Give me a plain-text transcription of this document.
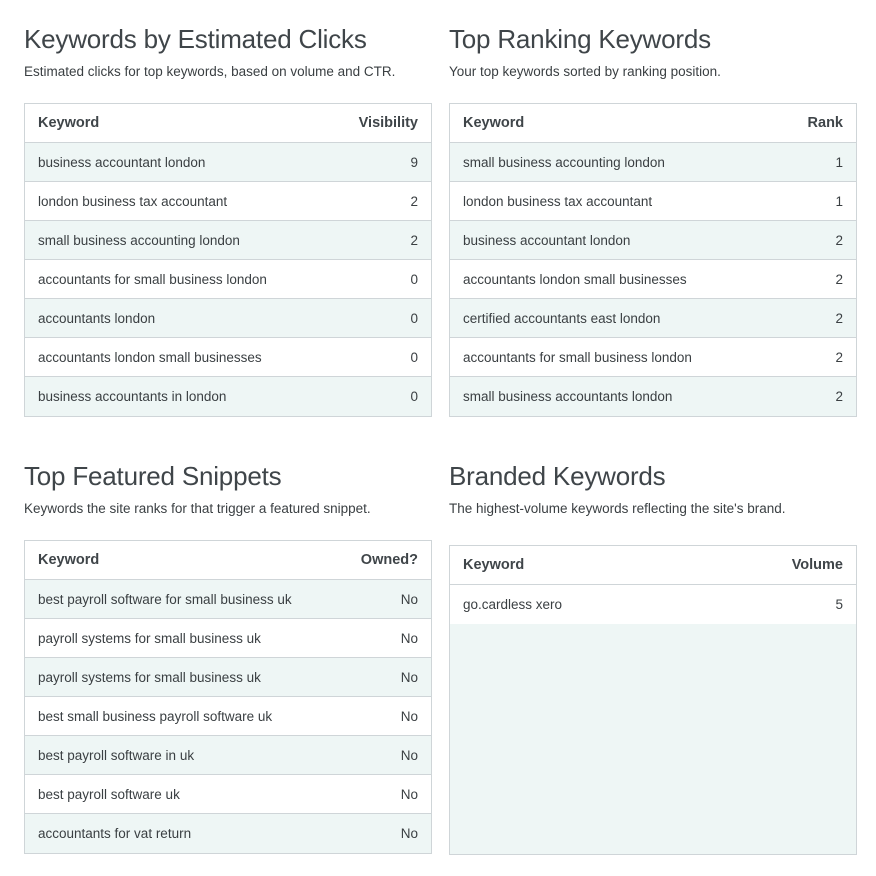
Keywords by Estimated Clicks

Estimated clicks for top keywords, based on volume and CTR.

Keyword	Visibility
business accountant london	9
london business tax accountant	2
small business accounting london	2
accountants for small business london	0
accountants london	0
accountants london small businesses	0
business accountants in london	0
Top Ranking Keywords

Your top keywords sorted by ranking position.

Keyword	Rank
small business accounting london	1
london business tax accountant	1
business accountant london	2
accountants london small businesses	2
certified accountants east london	2
accountants for small business london	2
small business accountants london	2
Top Featured Snippets

Keywords the site ranks for that trigger a featured snippet.

Keyword	Owned?
best payroll software for small business uk	No
payroll systems for small business uk	No
payroll systems for small business uk	No
best small business payroll software uk	No
best payroll software in uk	No
best payroll software uk	No
accountants for vat return	No
Branded Keywords

The highest-volume keywords reflecting the site's brand.

Keyword	Volume
go.cardless xero	5
